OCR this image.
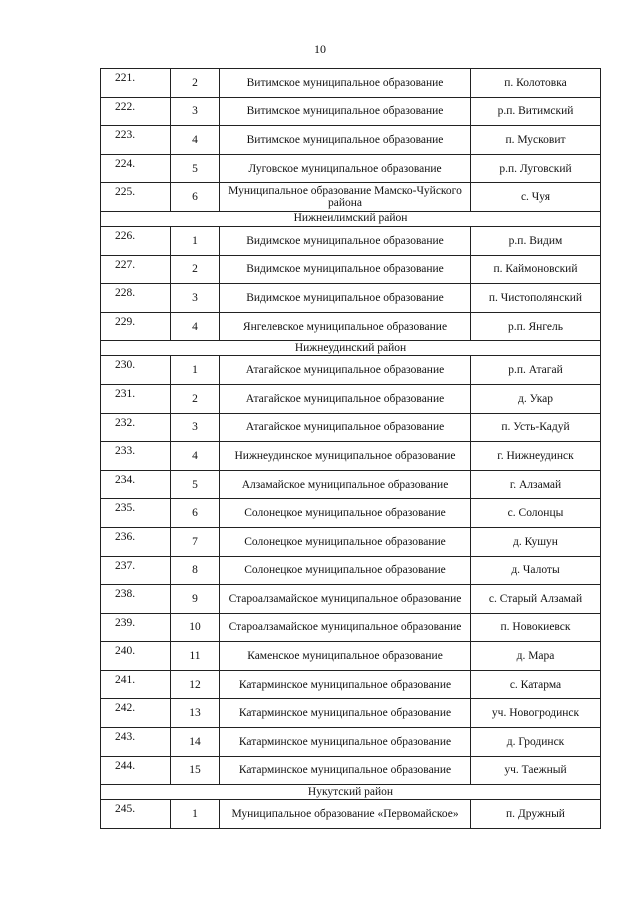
10
221.	2	Витимское муниципальное образование	п. Колотовка
222.	3	Витимское муниципальное образование	р.п. Витимский
223.	4	Витимское муниципальное образование	п. Мусковит
224.	5	Луговское муниципальное образование	р.п. Луговский
225.	6	Муниципальное образование Мамско-Чуйского района	с. Чуя
Нижнеилимский район			
226.	1	Видимское муниципальное образование	р.п. Видим
227.	2	Видимское муниципальное образование	п. Каймоновский
228.	3	Видимское муниципальное образование	п. Чистополянский
229.	4	Янгелевское муниципальное образование	р.п. Янгель
Нижнеудинский район			
230.	1	Атагайское муниципальное образование	р.п. Атагай
231.	2	Атагайское муниципальное образование	д. Укар
232.	3	Атагайское муниципальное образование	п. Усть-Кадуй
233.	4	Нижнеудинское муниципальное образование	г. Нижнеудинск
234.	5	Алзамайское муниципальное образование	г. Алзамай
235.	6	Солонецкое муниципальное образование	с. Солонцы
236.	7	Солонецкое муниципальное образование	д. Кушун
237.	8	Солонецкое муниципальное образование	д. Чалоты
238.	9	Староалзамайское муниципальное образование	с. Старый Алзамай
239.	10	Староалзамайское муниципальное образование	п. Новокиевск
240.	11	Каменское муниципальное образование	д. Мара
241.	12	Катарминское муниципальное образование	с. Катарма
242.	13	Катарминское муниципальное образование	уч. Новогродинск
243.	14	Катарминское муниципальное образование	д. Гродинск
244.	15	Катарминское муниципальное образование	уч. Таежный
Нукутский район			
245.	1	Муниципальное образование «Первомайское»	п. Дружный
